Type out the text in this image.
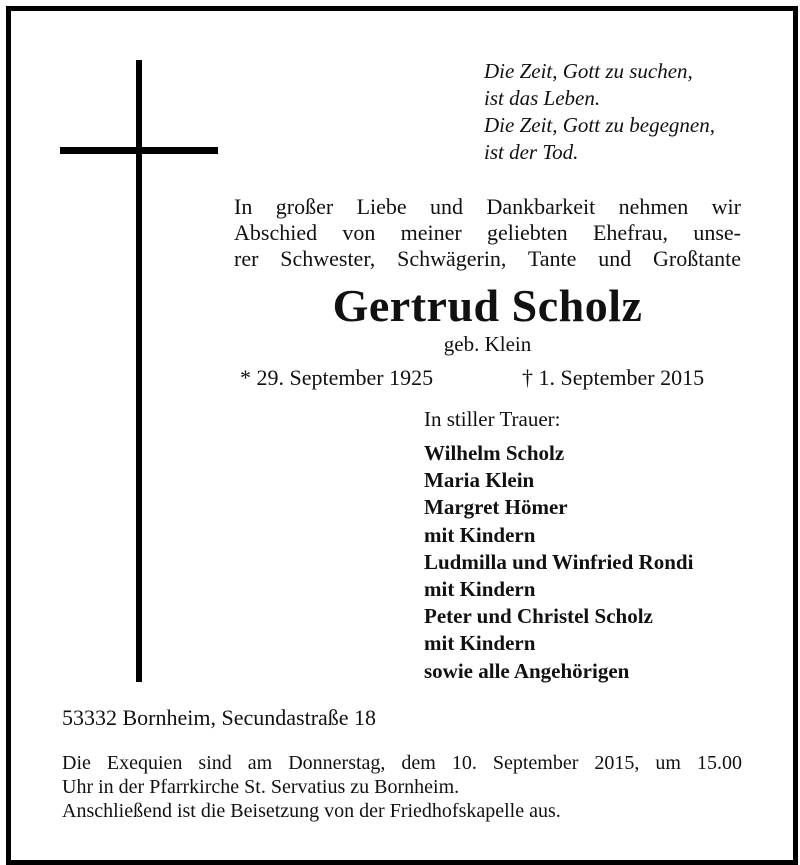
Die Zeit, Gott zu suchen,
ist das Leben.
Die Zeit, Gott zu begegnen,
ist der Tod.
In großer Liebe und Dankbarkeit nehmen wir
Abschied von meiner geliebten Ehefrau, unse-
rer Schwester, Schwägerin, Tante und Großtante
Gertrud Scholz
geb. Klein
* 29. September 1925	† 1. September 2015
In stiller Trauer:
Wilhelm Scholz
Maria Klein
Margret Hömer
mit Kindern
Ludmilla und Winfried Rondi
mit Kindern
Peter und Christel Scholz
mit Kindern
sowie alle Angehörigen
53332 Bornheim, Secundastraße 18
Die Exequien sind am Donnerstag, dem 10. September 2015, um 15.00
Uhr in der Pfarrkirche St. Servatius zu Bornheim.
Anschließend ist die Beisetzung von der Friedhofskapelle aus.
